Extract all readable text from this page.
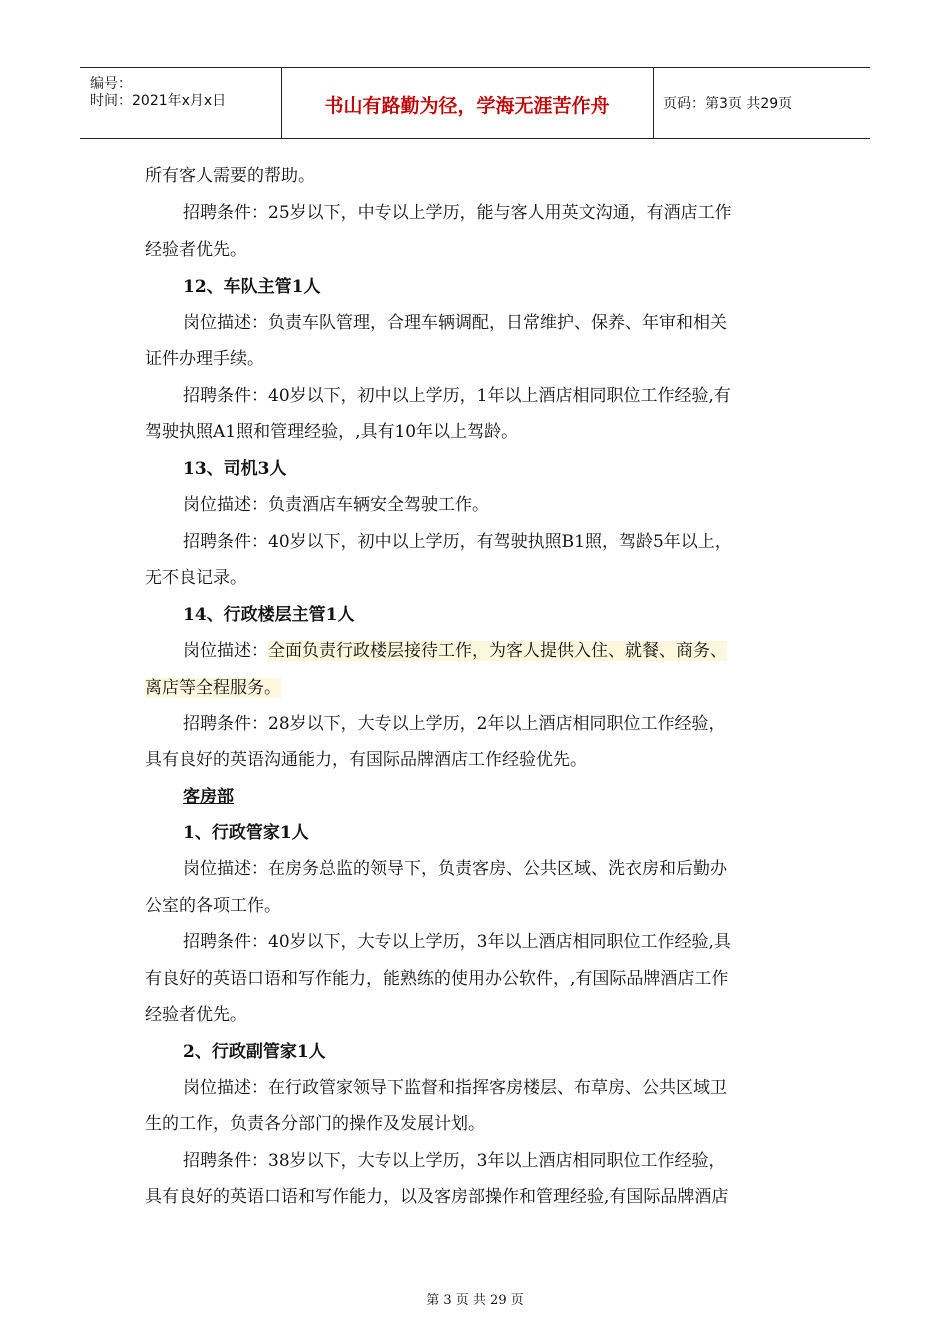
编号：
时间：2021年x月x日	书山有路勤为径，学海无涯苦作舟	页码：第3页 共29页
所有客人需要的帮助。
招聘条件：25岁以下，中专以上学历，能与客人用英文沟通，有酒店工作
经验者优先。
12、车队主管1人
岗位描述：负责车队管理，合理车辆调配，日常维护、保养、年审和相关
证件办理手续。
招聘条件：40岁以下，初中以上学历，1年以上酒店相同职位工作经验,有
驾驶执照A1照和管理经验，,具有10年以上驾龄。
13、司机3人
岗位描述：负责酒店车辆安全驾驶工作。
招聘条件：40岁以下，初中以上学历，有驾驶执照B1照，驾龄5年以上，
无不良记录。
14、行政楼层主管1人
岗位描述：全面负责行政楼层接待工作，为客人提供入住、就餐、商务、
离店等全程服务。
招聘条件：28岁以下，大专以上学历，2年以上酒店相同职位工作经验，
具有良好的英语沟通能力，有国际品牌酒店工作经验优先。
客房部
1、行政管家1人
岗位描述：在房务总监的领导下，负责客房、公共区域、洗衣房和后勤办
公室的各项工作。
招聘条件：40岁以下，大专以上学历，3年以上酒店相同职位工作经验,具
有良好的英语口语和写作能力，能熟练的使用办公软件，,有国际品牌酒店工作
经验者优先。
2、行政副管家1人
岗位描述：在行政管家领导下监督和指挥客房楼层、布草房、公共区域卫
生的工作，负责各分部门的操作及发展计划。
招聘条件：38岁以下，大专以上学历，3年以上酒店相同职位工作经验，
具有良好的英语口语和写作能力，以及客房部操作和管理经验,有国际品牌酒店
第 3 页 共 29 页
